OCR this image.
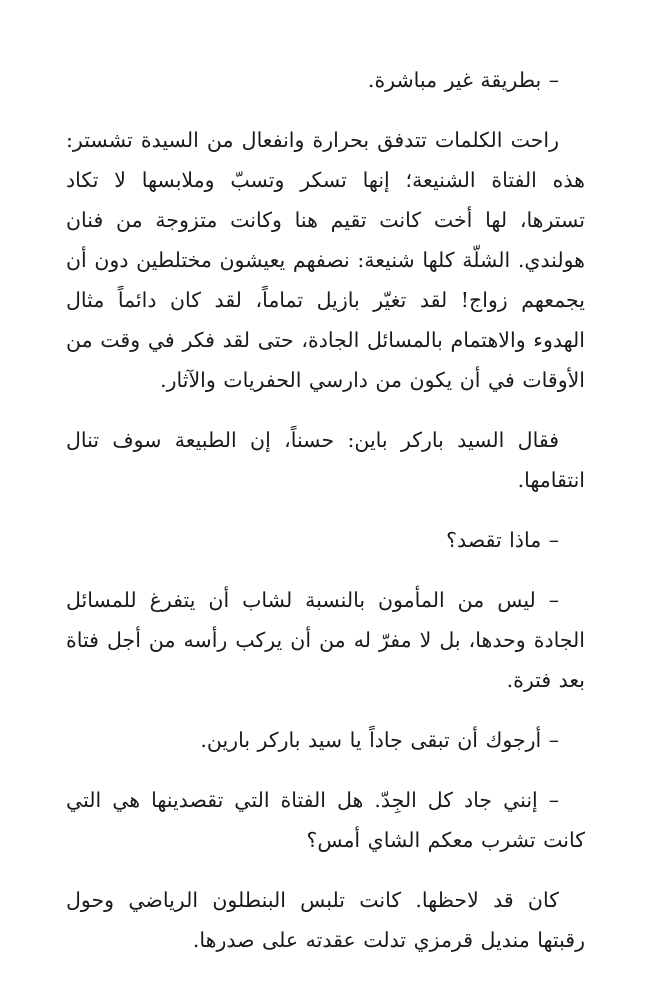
– بطريقة غير مباشرة.

راحت الكلمات تتدفق بحرارة وانفعال من السيدة تشستر: هذه الفتاة الشنيعة؛ إنها تسكر وتسبّ وملابسها لا تكاد تسترها، لها أخت كانت تقيم هنا وكانت متزوجة من فنان هولندي. الشلّة كلها شنيعة: نصفهم يعيشون مختلطين دون أن يجمعهم زواج! لقد تغيّر بازيل تماماً، لقد كان دائماً مثال الهدوء والاهتمام بالمسائل الجادة، حتى لقد فكر في وقت من الأوقات في أن يكون من دارسي الحفريات والآثار.

فقال السيد باركر باين: حسناً، إن الطبيعة سوف تنال انتقامها.

– ماذا تقصد؟

– ليس من المأمون بالنسبة لشاب أن يتفرغ للمسائل الجادة وحدها، بل لا مفرّ له من أن يركب رأسه من أجل فتاة بعد فترة.

– أرجوك أن تبقى جاداً يا سيد باركر بارين.

– إنني جاد كل الجِدّ. هل الفتاة التي تقصدينها هي التي كانت تشرب معكم الشاي أمس؟

كان قد لاحظها. كانت تلبس البنطلون الرياضي وحول رقبتها منديل قرمزي تدلت عقدته على صدرها.
